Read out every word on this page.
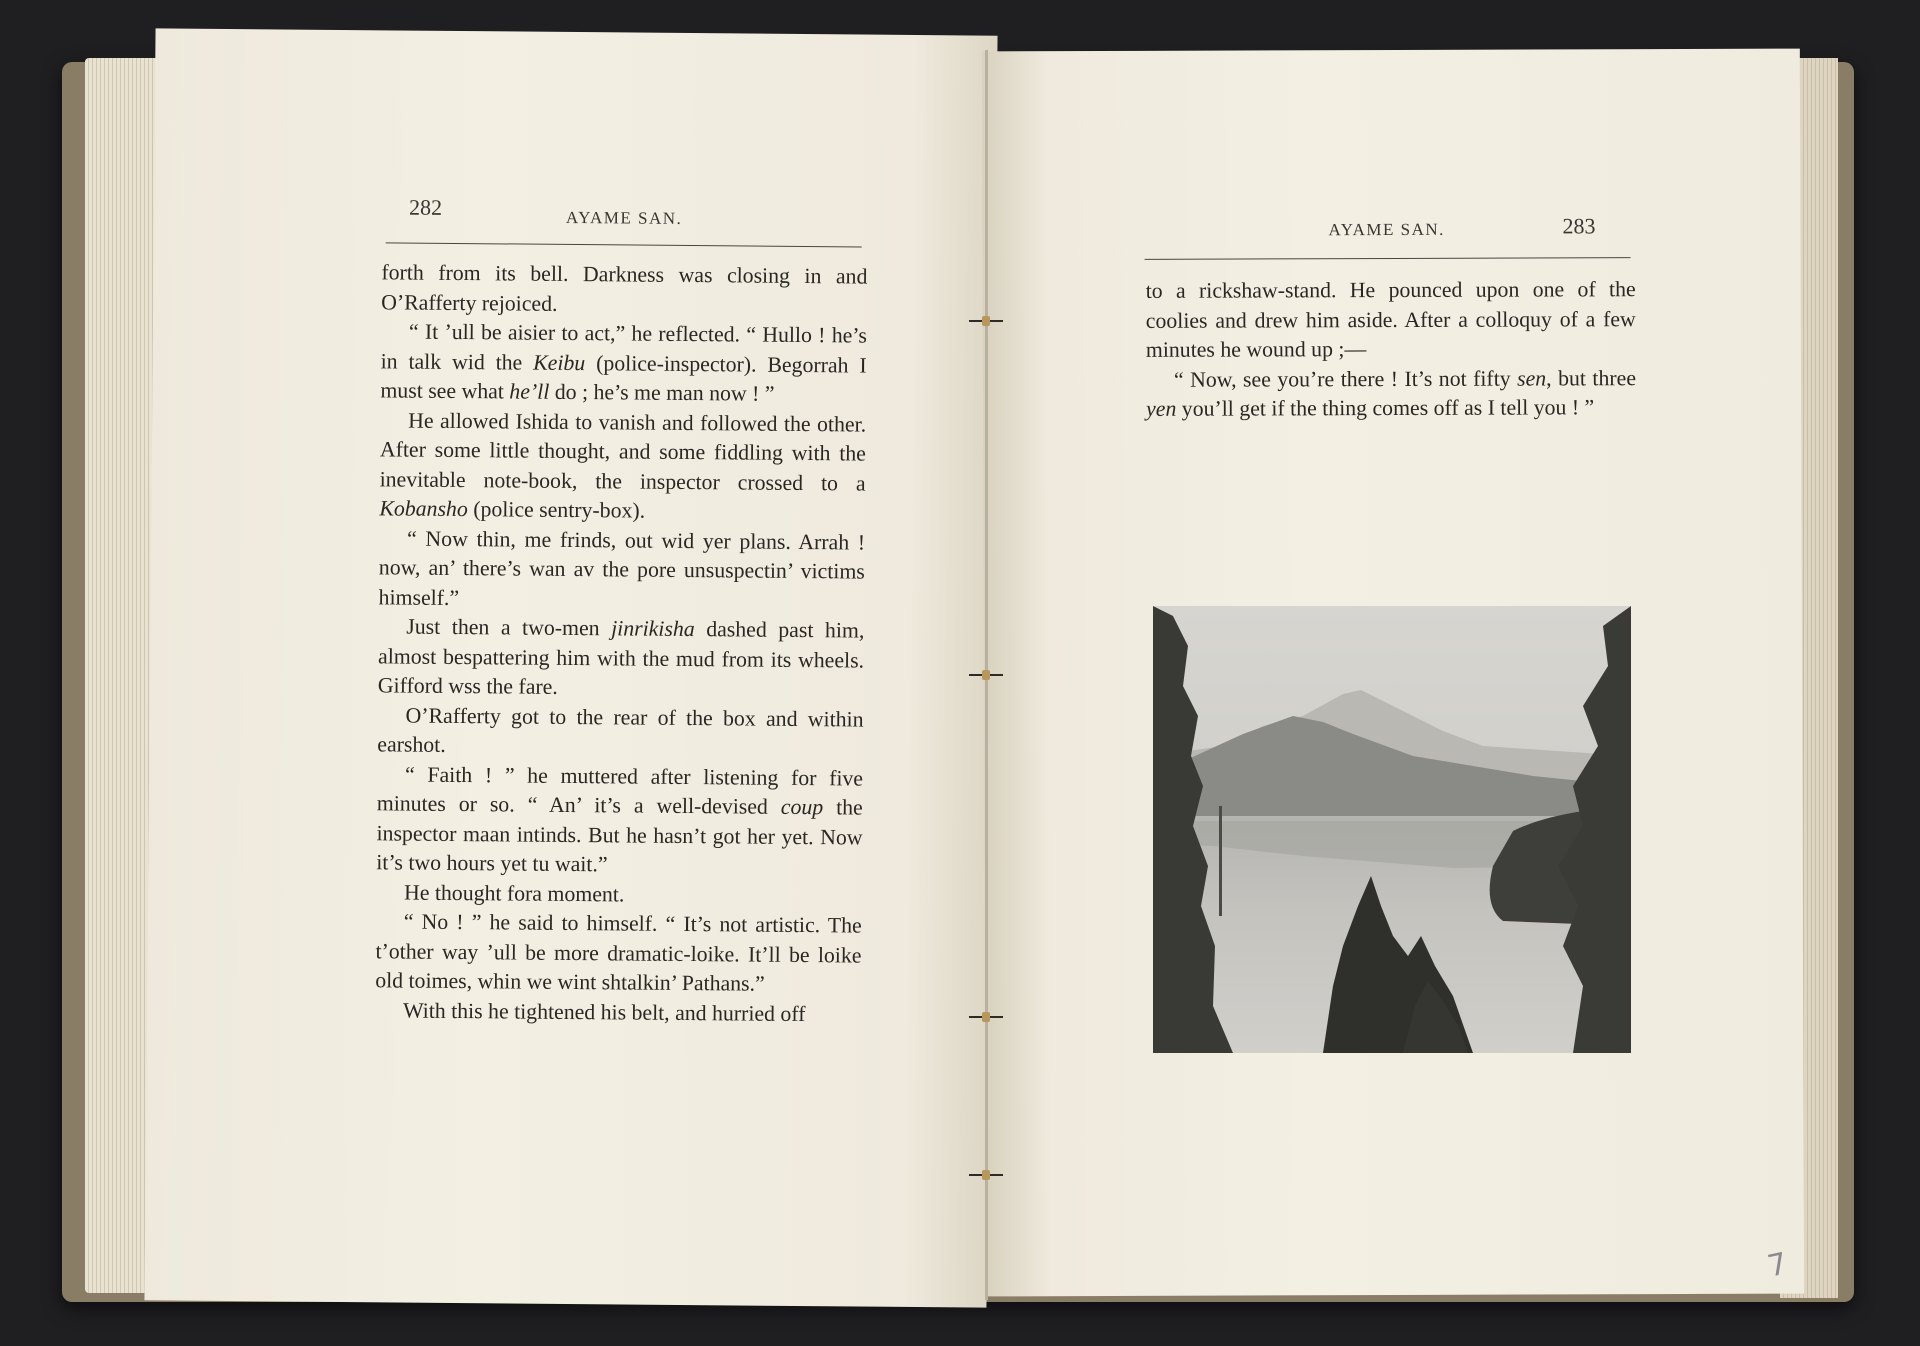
282	AYAME SAN.

forth from its bell. Darkness was closing in and O’Rafferty rejoiced.

“ It ’ull be aisier to act,” he reflected. “ Hullo ! he’s in talk wid the Keibu (police-inspector). Begorrah I must see what he’ll do ; he’s me man now ! ”

He allowed Ishida to vanish and followed the other. After some little thought, and some fiddling with the inevitable note-book, the inspector crossed to a Kobansho (police sentry-box).

“ Now thin, me frinds, out wid yer plans. Arrah ! now, an’ there’s wan av the pore unsuspectin’ victims himself.”

Just then a two-men jinrikisha dashed past him, almost bespattering him with the mud from its wheels. Gifford wss the fare.

O’Rafferty got to the rear of the box and within earshot.

“ Faith ! ” he muttered after listening for five minutes or so. “ An’ it’s a well-devised coup the inspector maan intinds. But he hasn’t got her yet. Now it’s two hours yet tu wait.”

He thought fora moment.

“ No ! ” he said to himself. “ It’s not artistic. The t’other way ’ull be more dramatic-loike. It’ll be loike old toimes, whin we wint shtalkin’ Pathans.”

With this he tightened his belt, and hurried off

AYAME SAN.	283

to a rickshaw-stand. He pounced upon one of the coolies and drew him aside. After a colloquy of a few minutes he wound up ;—

“ Now, see you’re there ! It’s not fifty sen, but three yen you’ll get if the thing comes off as I tell you ! ”

7
